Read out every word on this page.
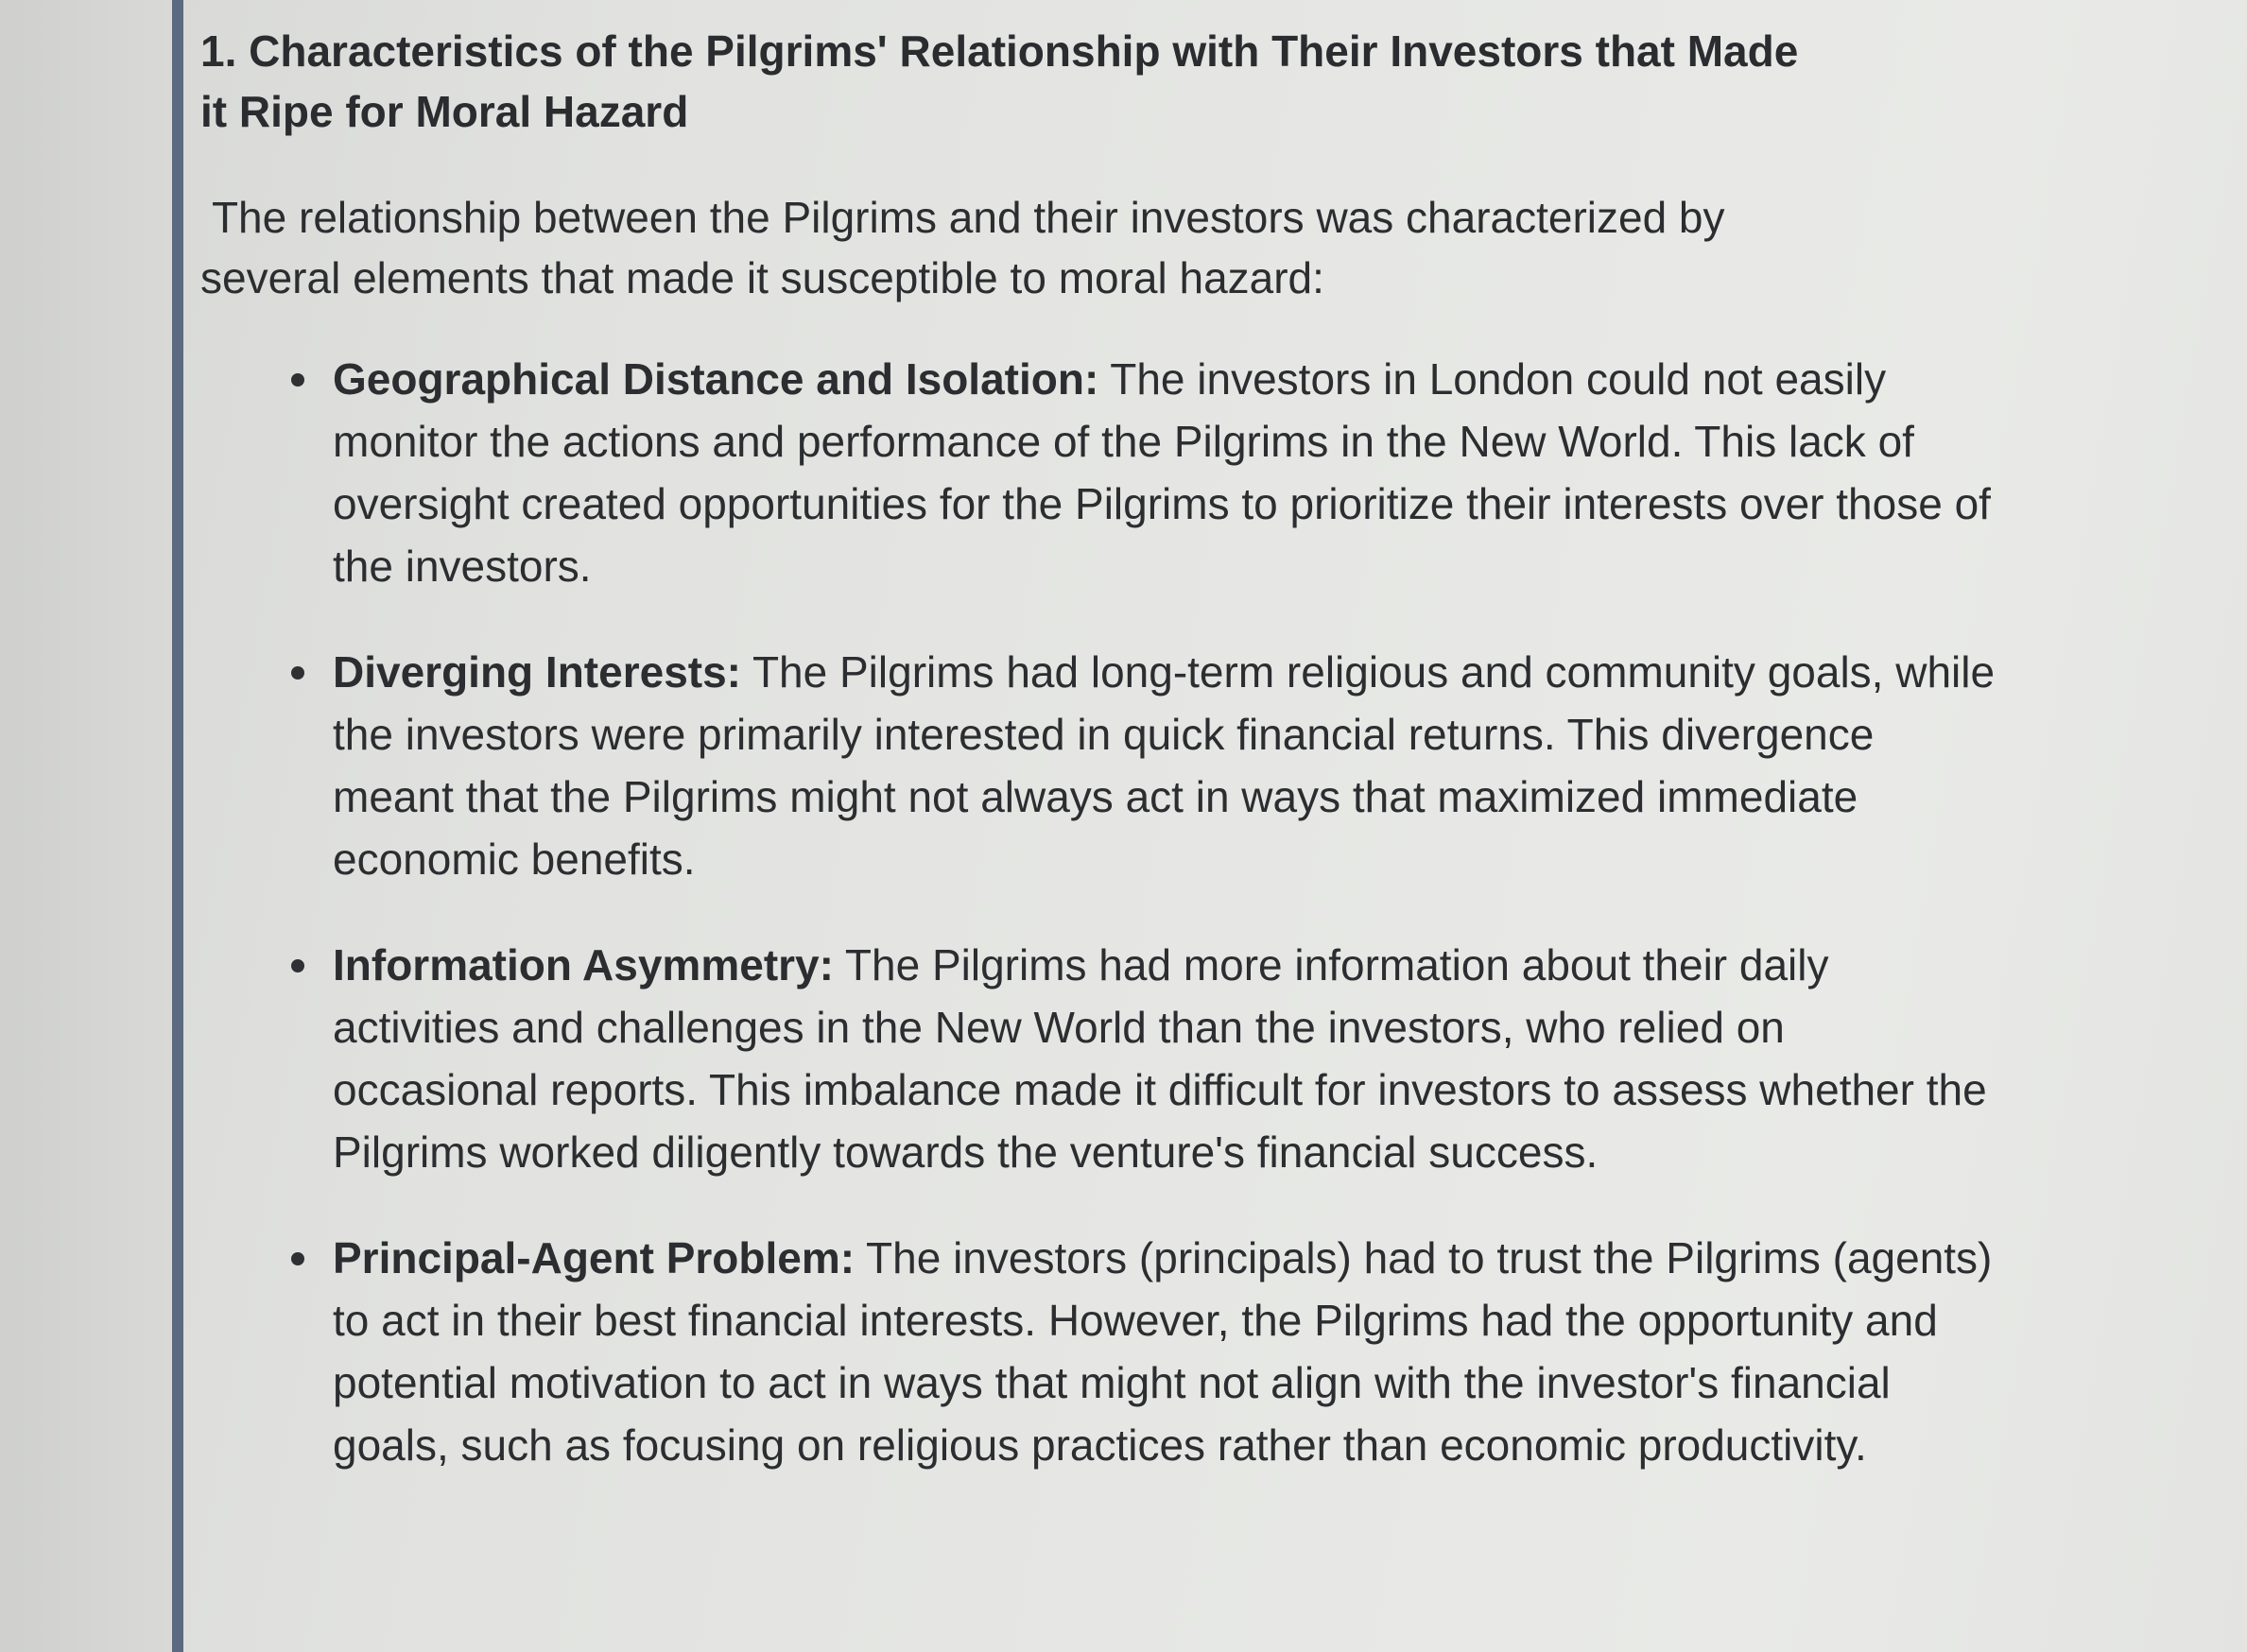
1. Characteristics of the Pilgrims' Relationship with Their Investors that Made it Ripe for Moral Hazard
The relationship between the Pilgrims and their investors was characterized by several elements that made it susceptible to moral hazard:
Geographical Distance and Isolation: The investors in London could not easily monitor the actions and performance of the Pilgrims in the New World. This lack of oversight created opportunities for the Pilgrims to prioritize their interests over those of the investors.
Diverging Interests: The Pilgrims had long-term religious and community goals, while the investors were primarily interested in quick financial returns. This divergence meant that the Pilgrims might not always act in ways that maximized immediate economic benefits.
Information Asymmetry: The Pilgrims had more information about their daily activities and challenges in the New World than the investors, who relied on occasional reports. This imbalance made it difficult for investors to assess whether the Pilgrims worked diligently towards the venture's financial success.
Principal-Agent Problem: The investors (principals) had to trust the Pilgrims (agents) to act in their best financial interests. However, the Pilgrims had the opportunity and potential motivation to act in ways that might not align with the investor's financial goals, such as focusing on religious practices rather than economic productivity.
